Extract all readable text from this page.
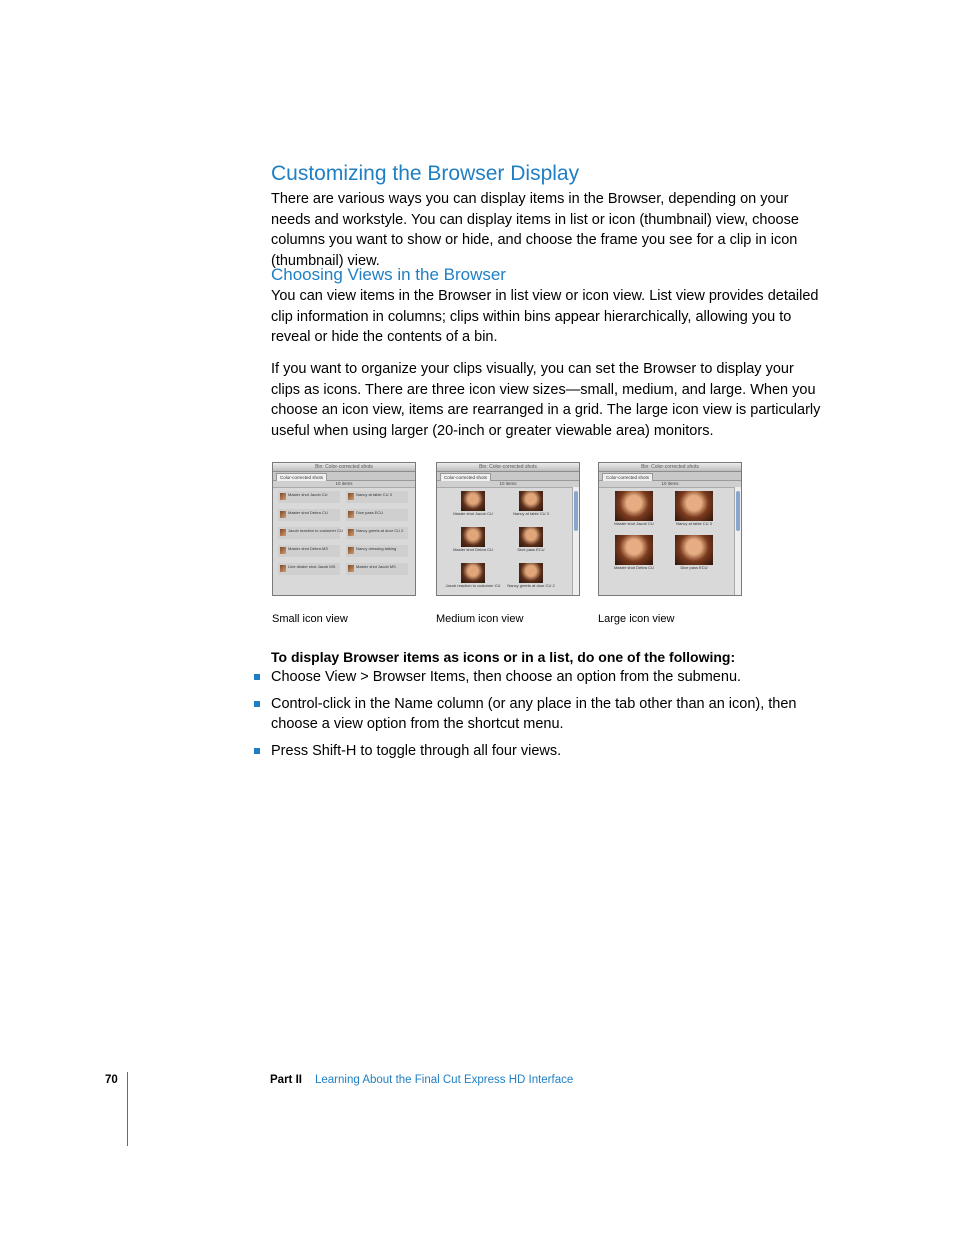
Customizing the Browser Display

There are various ways you can display items in the Browser, depending on your needs and workstyle. You can display items in list or icon (thumbnail) view, choose columns you want to show or hide, and choose the frame you see for a clip in icon (thumbnail) view.

Choosing Views in the Browser

You can view items in the Browser in list view or icon view. List view provides detailed clip information in columns; clips within bins appear hierarchically, allowing you to reveal or hide the contents of a bin.

If you want to organize your clips visually, you can set the Browser to display your clips as icons. There are three icon view sizes—small, medium, and large. When you choose an icon view, items are rearranged in a grid. The large icon view is particularly useful when using larger (20-inch or greater viewable area) monitors.

To display Browser items as icons or in a list, do one of the following:
Choose View > Browser Items, then choose an option from the submenu.
Control-click in the Name column (or any place in the tab other than an icon), then choose a view option from the shortcut menu.
Press Shift-H to toggle through all four views.
Bin: Color-corrected shots
Color-corrected shots
10 items
Master shot Jacob CU	Nancy at table CU 3
Master shot Debra CU	Dice pass ECU
Jacob reaction to customer CU	Nancy greets at door CU 2
Master shot Debra MS	Nancy dressing talking
Line dealer shot Jacob MS	Master shot Jacob MS
Bin: Color-corrected shots
Color-corrected shots
10 items
Master shot Jacob CU	Nancy at table CU 3
Master shot Debra CU	Dice pass ECU
Jacob reaction to customer CU	Nancy greets at door CU 2
Bin: Color-corrected shots
Color-corrected shots
10 items
Master shot Jacob CU	Nancy at table CU 3
Master shot Debra CU	Dice pass ECU
Small icon view	Medium icon view	Large icon view
70	Part II Learning About the Final Cut Express HD Interface
